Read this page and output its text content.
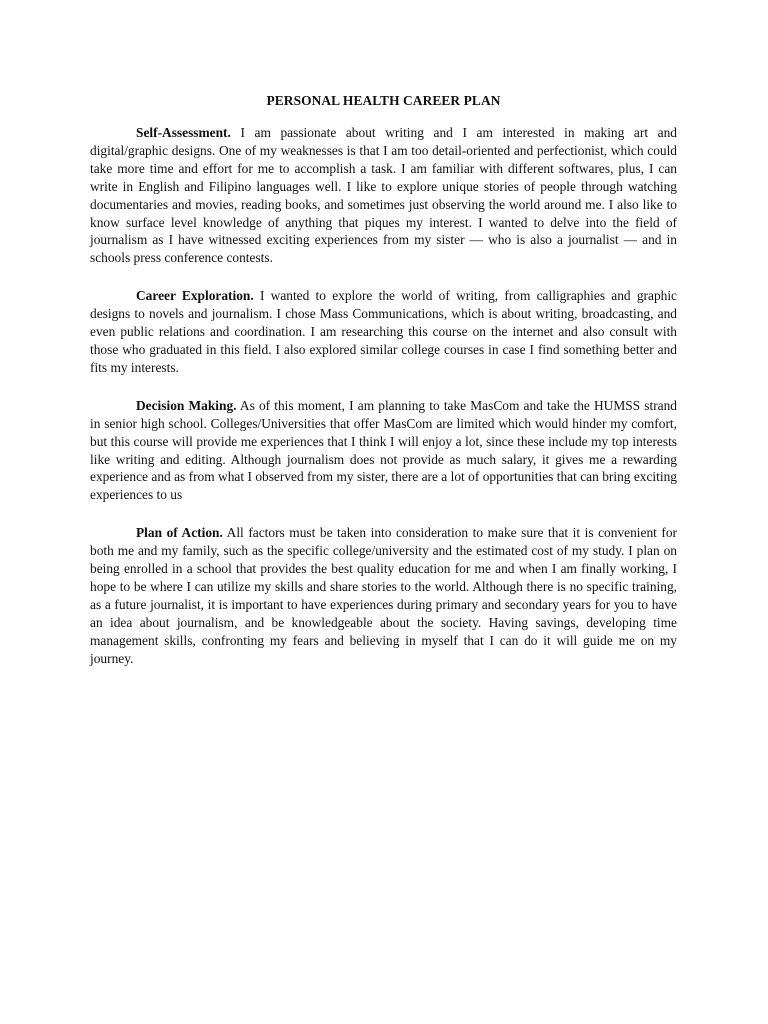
PERSONAL HEALTH CAREER PLAN

Self-Assessment. I am passionate about writing and I am interested in making art and digital/graphic designs. One of my weaknesses is that I am too detail-oriented and perfectionist, which could take more time and effort for me to accomplish a task. I am familiar with different softwares, plus, I can write in English and Filipino languages well. I like to explore unique stories of people through watching documentaries and movies, reading books, and sometimes just observing the world around me. I also like to know surface level knowledge of anything that piques my interest. I wanted to delve into the field of journalism as I have witnessed exciting experiences from my sister — who is also a journalist — and in schools press conference contests.

Career Exploration. I wanted to explore the world of writing, from calligraphies and graphic designs to novels and journalism. I chose Mass Communications, which is about writing, broadcasting, and even public relations and coordination. I am researching this course on the internet and also consult with those who graduated in this field. I also explored similar college courses in case I find something better and fits my interests.

Decision Making. As of this moment, I am planning to take MasCom and take the HUMSS strand in senior high school. Colleges/Universities that offer MasCom are limited which would hinder my comfort, but this course will provide me experiences that I think I will enjoy a lot, since these include my top interests like writing and editing. Although journalism does not provide as much salary, it gives me a rewarding experience and as from what I observed from my sister, there are a lot of opportunities that can bring exciting experiences to us

Plan of Action. All factors must be taken into consideration to make sure that it is convenient for both me and my family, such as the specific college/university and the estimated cost of my study. I plan on being enrolled in a school that provides the best quality education for me and when I am finally working, I hope to be where I can utilize my skills and share stories to the world. Although there is no specific training, as a future journalist, it is important to have experiences during primary and secondary years for you to have an idea about journalism, and be knowledgeable about the society. Having savings, developing time management skills, confronting my fears and believing in myself that I can do it will guide me on my journey.
